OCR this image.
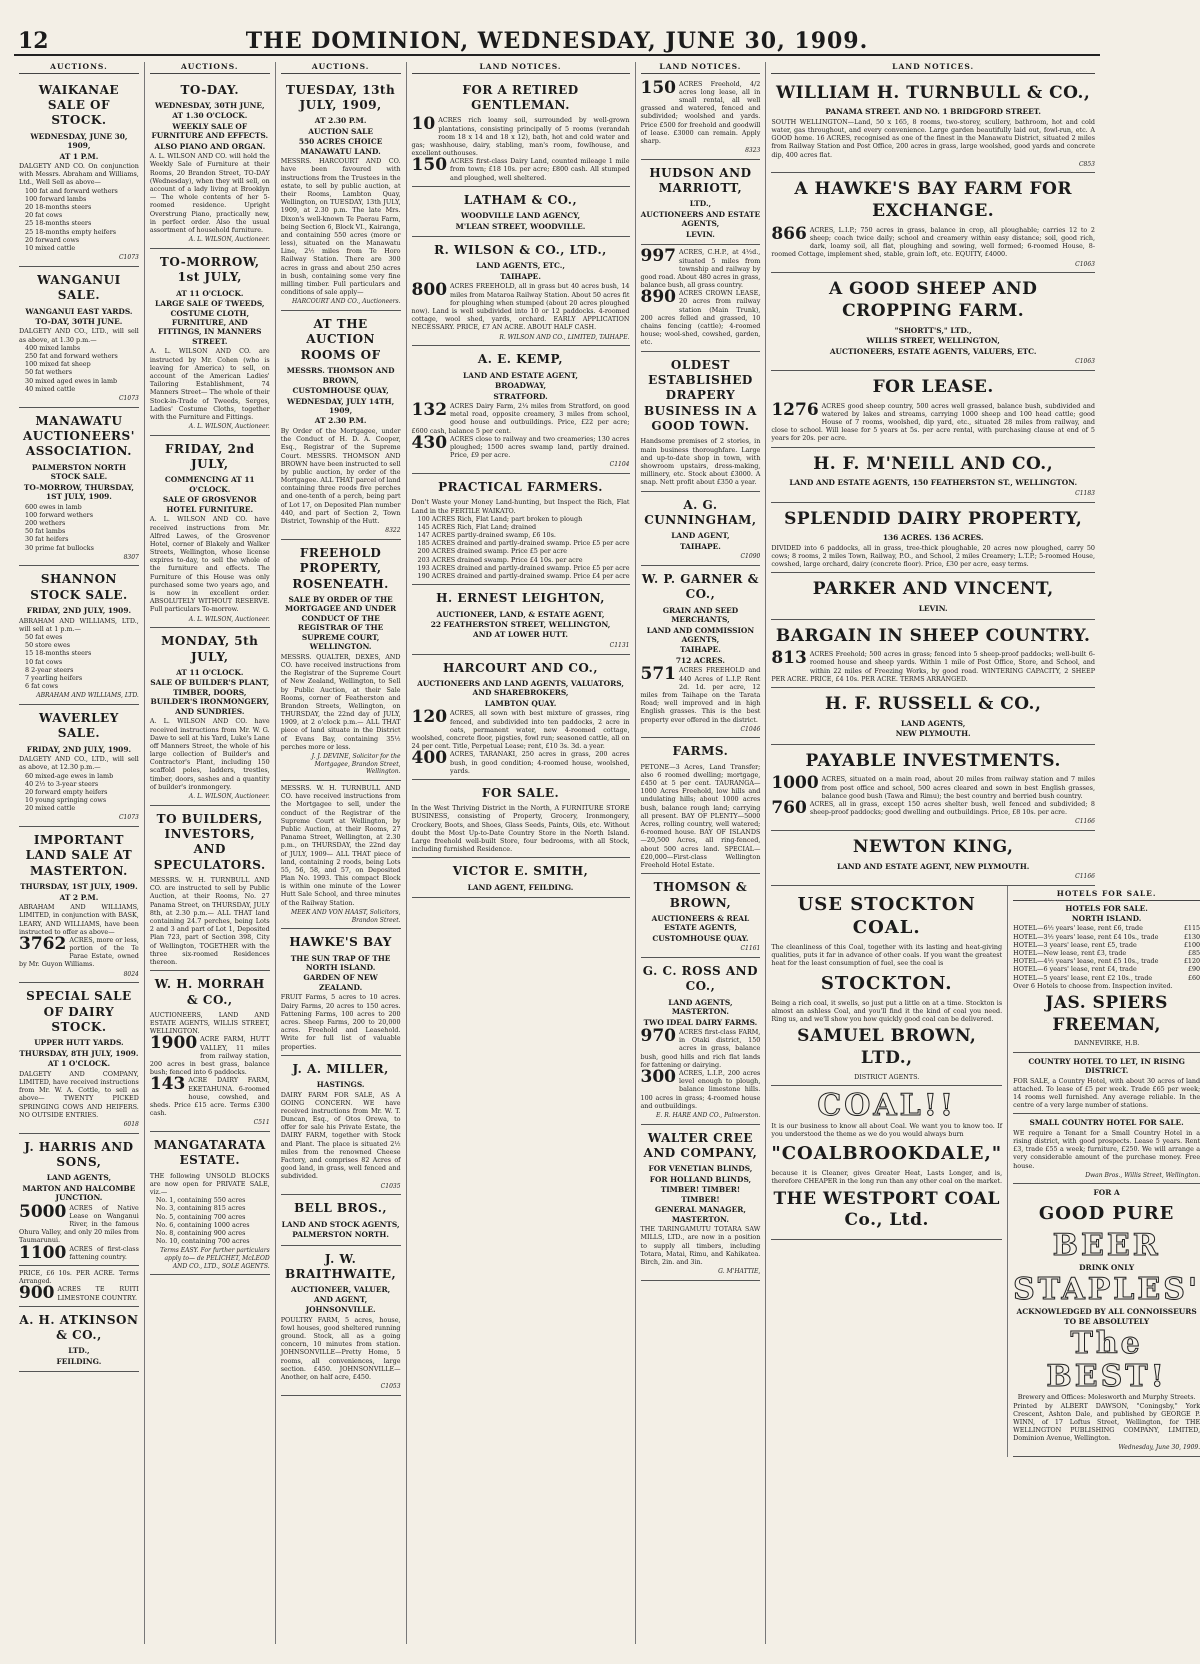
12	THE DOMINION, WEDNESDAY, JUNE 30, 1909.
AUCTIONS.
WAIKANAE SALE OF STOCK.
WEDNESDAY, JUNE 30, 1909,
AT 1 P.M.
DALGETY AND CO. On conjunction with Messrs. Abraham and Williams, Ltd., Well Sell as above—
100 fat and forward wethers
100 forward lambs
20 18-months steers
20 fat cows
25 18-months steers
25 18-months empty heifers
20 forward cows
10 mixed cattle
C1073
WANGANUI SALE.
WANGANUI EAST YARDS.
TO-DAY, 30TH JUNE.
DALGETY AND CO., LTD., will sell as above, at 1.30 p.m.—
400 mixed lambs
250 fat and forward wethers
100 mixed fat sheep
50 fat wethers
30 mixed aged ewes in lamb
40 mixed cattle
C1073
MANAWATU AUCTIONEERS' ASSOCIATION.
PALMERSTON NORTH STOCK SALE.
TO-MORROW, THURSDAY, 1ST JULY, 1909.
600 ewes in lamb
100 forward wethers
200 wethers
50 fat lambs
30 fat heifers
30 prime fat bullocks
8307
SHANNON STOCK SALE.
FRIDAY, 2ND JULY, 1909.
ABRAHAM AND WILLIAMS, LTD., will sell at 1 p.m.—
50 fat ewes
50 store ewes
15 18-months steers
10 fat cows
8 2-year steers
7 yearling heifers
6 fat cows
ABRAHAM AND WILLIAMS, LTD.
WAVERLEY SALE.
FRIDAY, 2ND JULY, 1909.
DALGETY AND CO., LTD., will sell as above, at 12.30 p.m.—
60 mixed-age ewes in lamb
40 2½ to 3-year steers
20 forward empty heifers
10 young springing cows
20 mixed cattle
C1073
IMPORTANT LAND SALE AT MASTERTON.
THURSDAY, 1ST JULY, 1909.
AT 2 P.M.
ABRAHAM AND WILLIAMS, LIMITED, in conjunction with BASK, LEARY, AND WILLIAMS, have been instructed to offer as above—
3762 ACRES, more or less, portion of the Te Parae Estate, owned by Mr. Guyon Williams.
8024
SPECIAL SALE OF DAIRY STOCK.
UPPER HUTT YARDS.
THURSDAY, 8TH JULY, 1909.
AT 1 O'CLOCK.
DALGETY AND COMPANY, LIMITED, have received instructions from Mr. W. A. Cottle, to sell as above— TWENTY PICKED SPRINGING COWS AND HEIFERS. NO OUTSIDE ENTRIES.
6018
J. HARRIS AND SONS,
LAND AGENTS,
MARTON AND HALCOMBE JUNCTION.
5000 ACRES of Native Lease on Wanganui River, in the famous Ohura Valley, and only 20 miles from Taumarunui.
1100 ACRES of first-class fattening country.
PRICE, £6 10s. PER ACRE. Terms Arranged.
900 ACRES TE RUITI LIMESTONE COUNTRY.
A. H. ATKINSON & CO.,
LTD.,
FEILDING.
AUCTIONS.
TO-DAY.
WEDNESDAY, 30TH JUNE,
AT 1.30 O'CLOCK.
WEEKLY SALE OF FURNITURE AND EFFECTS.
ALSO PIANO AND ORGAN.
A. L. WILSON AND CO. will hold the Weekly Sale of Furniture at their Rooms, 20 Brandon Street, TO-DAY (Wednesday), when they will sell, on account of a lady living at Brooklyn— The whole contents of her 5-roomed residence. Upright Overstrung Piano, practically new, in perfect order. Also the usual assortment of household furniture.
A. L. WILSON, Auctioneer.
TO-MORROW, 1st JULY,
AT 11 O'CLOCK.
LARGE SALE OF TWEEDS, COSTUME CLOTH, FURNITURE, AND FITTINGS, IN MANNERS STREET.
A. L. WILSON AND CO. are instructed by Mr. Cohen (who is leaving for America) to sell, on account of the American Ladies' Tailoring Establishment, 74 Manners Street— The whole of their Stock-in-Trade of Tweeds, Serges, Ladies' Costume Cloths, together with the Furniture and Fittings.
A. L. WILSON, Auctioneer.
FRIDAY, 2nd JULY,
COMMENCING AT 11 O'CLOCK.
SALE OF GROSVENOR HOTEL FURNITURE.
A. L. WILSON AND CO. have received instructions from Mr. Alfred Lawes, of the Grosvenor Hotel, corner of Blakely and Walker Streets, Wellington, whose license expires to-day, to sell the whole of the furniture and effects. The Furniture of this House was only purchased some two years ago, and is now in excellent order. ABSOLUTELY WITHOUT RESERVE. Full particulars To-morrow.
A. L. WILSON, Auctioneer.
MONDAY, 5th JULY,
AT 11 O'CLOCK.
SALE OF BUILDER'S PLANT, TIMBER, DOORS, BUILDER'S IRONMONGERY, AND SUNDRIES.
A. L. WILSON AND CO. have received instructions from Mr. W. G. Dawe to sell at his Yard, Luke's Lane off Manners Street, the whole of his large collection of Builder's and Contractor's Plant, including 150 scaffold poles, ladders, trestles, timber, doors, sashes and a quantity of builder's ironmongery.
A. L. WILSON, Auctioneer.
TO BUILDERS, INVESTORS, AND SPECULATORS.
MESSRS. W. H. TURNBULL AND CO. are instructed to sell by Public Auction, at their Rooms, No. 27 Panama Street, on THURSDAY, JULY 8th, at 2.30 p.m.— ALL THAT land containing 24.7 perches, being Lots 2 and 3 and part of Lot 1, Deposited Plan 723, part of Section 398, City of Wellington, TOGETHER with the three six-roomed Residences thereon.
W. H. MORRAH & CO.,
AUCTIONEERS, LAND AND ESTATE AGENTS, WILLIS STREET, WELLINGTON.
1900 ACRE FARM, HUTT VALLEY, 11 miles from railway station, 200 acres in best grass, balance bush; fenced into 6 paddocks.
143 ACRE DAIRY FARM, EKETAHUNA. 6-roomed house, cowshed, and sheds. Price £15 acre. Terms £300 cash.
C511
MANGATARATA ESTATE.
THE following UNSOLD BLOCKS are now open for PRIVATE SALE, viz.—
No. 1, containing 550 acres
No. 3, containing 815 acres
No. 5, containing 700 acres
No. 6, containing 1000 acres
No. 8, containing 900 acres
No. 10, containing 700 acres
Terms EASY. For further particulars apply to— de PELICHET, McLEOD AND CO., LTD., SOLE AGENTS.
AUCTIONS.
TUESDAY, 13th JULY, 1909,
AT 2.30 P.M.
AUCTION SALE
550 ACRES CHOICE MANAWATU LAND.
MESSRS. HARCOURT AND CO. have been favoured with instructions from the Trustees in the estate, to sell by public auction, at their Rooms, Lambton Quay, Wellington, on TUESDAY, 13th JULY, 1909, at 2.30 p.m. The late Mrs. Dixon's well-known Te Paerau Farm, being Section 6, Block VI., Kairanga, and containing 550 acres (more or less), situated on the Manawatu Line, 2½ miles from Te Horo Railway Station. There are 300 acres in grass and about 250 acres in bush, containing some very fine milling timber. Full particulars and conditions of sale apply—
HARCOURT AND CO., Auctioneers.
AT THE AUCTION ROOMS OF
MESSRS. THOMSON AND BROWN,
CUSTOMHOUSE QUAY,
WEDNESDAY, JULY 14TH, 1909,
AT 2.30 P.M.
By Order of the Mortgagee, under the Conduct of H. D. A. Cooper, Esq., Registrar of the Supreme Court. MESSRS. THOMSON AND BROWN have been instructed to sell by public auction, by order of the Mortgagee. ALL THAT parcel of land containing three roods five perches and one-tenth of a perch, being part of Lot 17, on Deposited Plan number 440, and part of Section 2, Town District, Township of the Hutt.
8322
FREEHOLD PROPERTY, ROSENEATH.
SALE BY ORDER OF THE MORTGAGEE AND UNDER CONDUCT OF THE REGISTRAR OF THE SUPREME COURT, WELLINGTON.
MESSRS. QUALTER, DEXES, AND CO. have received instructions from the Registrar of the Supreme Court of New Zealand, Wellington, to Sell by Public Auction, at their Sale Rooms, corner of Featherston and Brandon Streets, Wellington, on THURSDAY, the 22nd day of JULY, 1909, at 2 o'clock p.m.— ALL THAT piece of land situate in the District of Evans Bay, containing 35½ perches more or less.
J. J. DEVINE, Solicitor for the Mortgagee, Brandon Street, Wellington.
MESSRS. W. H. TURNBULL AND CO. have received instructions from the Mortgagee to sell, under the conduct of the Registrar of the Supreme Court at Wellington, by Public Auction, at their Rooms, 27 Panama Street, Wellington, at 2.30 p.m., on THURSDAY, the 22nd day of JULY, 1909— ALL THAT piece of land, containing 2 roods, being Lots 55, 56, 58, and 57, on Deposited Plan No. 1993. This compact Block is within one minute of the Lower Hutt Sale School, and three minutes of the Railway Station.
MEEK AND VON HAAST, Solicitors, Brandon Street.
HAWKE'S BAY
THE SUN TRAP OF THE NORTH ISLAND.
GARDEN OF NEW ZEALAND.
FRUIT Farms, 5 acres to 10 acres. Dairy Farms, 20 acres to 150 acres. Fattening Farms, 100 acres to 200 acres. Sheep Farms, 200 to 20,000 acres. Freehold and Leasehold. Write for full list of valuable properties.
J. A. MILLER,
HASTINGS.
DAIRY FARM FOR SALE, AS A GOING CONCERN. WE have received instructions from Mr. W. T. Duncan, Esq., of Otos Orewa, to offer for sale his Private Estate, the DAIRY FARM, together with Stock and Plant. The place is situated 2½ miles from the renowned Cheese Factory, and comprises 82 Acres of good land, in grass, well fenced and subdivided.
C1035
BELL BROS.,
LAND AND STOCK AGENTS,
PALMERSTON NORTH.
J. W. BRAITHWAITE,
AUCTIONEER, VALUER, AND AGENT,
JOHNSONVILLE.
POULTRY FARM, 5 acres, house, fowl houses, good sheltered running ground. Stock, all as a going concern, 10 minutes from station. JOHNSONVILLE—Pretty Home, 5 rooms, all conveniences, large section. £450. JOHNSONVILLE—Another, on half acre, £450.
C1053
LAND NOTICES.
FOR A RETIRED GENTLEMAN.
10 ACRES rich loamy soil, surrounded by well-grown plantations, consisting principally of 5 rooms (verandah room 18 x 14 and 18 x 12), bath, hot and cold water and gas; washhouse, dairy, stabling, man's room, fowlhouse, and excellent outhouses.
150 ACRES first-class Dairy Land, counted mileage 1 mile from town; £18 10s. per acre; £800 cash. All stumped and ploughed, well sheltered.
LATHAM & CO.,
WOODVILLE LAND AGENCY,
M'LEAN STREET, WOODVILLE.
R. WILSON & CO., LTD.,
LAND AGENTS, ETC.,
TAIHAPE.
800 ACRES FREEHOLD, all in grass but 40 acres bush, 14 miles from Mataroa Railway Station. About 50 acres fit for ploughing when stumped (about 20 acres ploughed now). Land is well subdivided into 10 or 12 paddocks. 4-roomed cottage, wool shed, yards, orchard. EARLY APPLICATION NECESSARY. PRICE, £7 AN ACRE. ABOUT HALF CASH.
R. WILSON AND CO., LIMITED, TAIHAPE.
A. E. KEMP,
LAND AND ESTATE AGENT,
BROADWAY,
STRATFORD.
132 ACRES Dairy Farm, 2¼ miles from Stratford, on good metal road, opposite creamery, 3 miles from school, good house and outbuildings. Price, £22 per acre; £600 cash, balance 5 per cent.
430 ACRES close to railway and two creameries; 130 acres ploughed; 1500 acres swamp land, partly drained. Price, £9 per acre.
C1104
PRACTICAL FARMERS.
Don't Waste your Money Land-hunting, but Inspect the Rich, Flat Land in the FERTILE WAIKATO.
100 ACRES Rich, Flat Land; part broken to plough
145 ACRES Rich, Flat Land; drained
147 ACRES partly-drained swamp, £6 10s.
185 ACRES drained and partly-drained swamp. Price £5 per acre
200 ACRES drained swamp. Price £5 per acre
203 ACRES drained swamp. Price £4 10s. per acre
193 ACRES drained and partly-drained swamp. Price £5 per acre
190 ACRES drained and partly-drained swamp. Price £4 per acre
H. ERNEST LEIGHTON,
AUCTIONEER, LAND, & ESTATE AGENT,
22 FEATHERSTON STREET, WELLINGTON,
AND AT LOWER HUTT.
C1131
HARCOURT AND CO.,
AUCTIONEERS AND LAND AGENTS, VALUATORS, AND SHAREBROKERS,
LAMBTON QUAY.
120 ACRES, all sown with best mixture of grasses, ring fenced, and subdivided into ten paddocks, 2 acre in oats, permanent water, new 4-roomed cottage, woolshed, concrete floor, pigsties, fowl run; seasoned cattle, all on 24 per cent. Title, Perpetual Lease; rent, £10 3s. 3d. a year.
400 ACRES, TARANAKI, 250 acres in grass, 200 acres bush, in good condition; 4-roomed house, woolshed, yards.
FOR SALE.
In the West Thriving District in the North, A FURNITURE STORE BUSINESS, consisting of Property, Grocery, Ironmongery, Crockery, Boots, and Shoes, Glass Seeds, Paints, Oils, etc. Without doubt the Most Up-to-Date Country Store in the North Island. Large freehold well-built Store, four bedrooms, with all Stock, including furnished Residence.
VICTOR E. SMITH,
LAND AGENT, FEILDING.
LAND NOTICES.
150 ACRES Freehold, 4/2 acres long lease, all in small rental, all well grassed and watered, fenced and subdivided; woolshed and yards. Price £500 for freehold and goodwill of lease. £3000 can remain. Apply sharp.
8323
HUDSON AND MARRIOTT,
LTD.,
AUCTIONEERS AND ESTATE AGENTS,
LEVIN.
997 ACRES, C.H.P., at 4½d., situated 5 miles from township and railway by good road. About 480 acres in grass, balance bush, all grass country.
890 ACRES CROWN LEASE, 20 acres from railway station (Main Trunk), 200 acres felled and grassed, 10 chains fencing (cattle); 4-roomed house; wool-shed, cowshed, garden, etc.
OLDEST ESTABLISHED DRAPERY BUSINESS IN A GOOD TOWN.
Handsome premises of 2 stories, in main business thoroughfare. Large and up-to-date shop in town, with showroom upstairs, dress-making, millinery, etc. Stock about £3000. A snap. Nett profit about £350 a year.
A. G. CUNNINGHAM,
LAND AGENT,
TAIHAPE.
C1090
W. P. GARNER & CO.,
GRAIN AND SEED MERCHANTS,
LAND AND COMMISSION AGENTS,
TAIHAPE.
712 ACRES.
571 ACRES FREEHOLD and 440 Acres of L.I.P. Rent 2d. 1d. per acre, 12 miles from Taihape on the Tarata Road; well improved and in high English grasses. This is the best property ever offered in the district.
C1046
FARMS.
PETONE—3 Acres, Land Transfer; also 6 roomed dwelling; mortgage, £450 at 5 per cent. TAURANGA—1000 Acres Freehold, low hills and undulating hills; about 1000 acres bush, balance rough land; carrying all present. BAY OF PLENTY—5000 Acres, rolling country, well watered; 6-roomed house. BAY OF ISLANDS—20,500 Acres, all ring-fenced, about 500 acres land. SPECIAL—£20,000—First-class Wellington Freehold Hotel Estate.
THOMSON & BROWN,
AUCTIONEERS & REAL ESTATE AGENTS,
CUSTOMHOUSE QUAY.
C1161
G. C. ROSS AND CO.,
LAND AGENTS, MASTERTON.
TWO IDEAL DAIRY FARMS.
970 ACRES first-class FARM, in Otaki district, 150 acres in grass, balance bush, good hills and rich flat lands for fattening or dairying.
300 ACRES, L.I.P., 200 acres level enough to plough, balance limestone hills. 100 acres in grass; 4-roomed house and outbuildings.
E. R. HARE AND CO., Palmerston.
WALTER CREE AND COMPANY,
FOR VENETIAN BLINDS,
FOR HOLLAND BLINDS,
TIMBER! TIMBER! TIMBER!
GENERAL MANAGER, MASTERTON.
THE TARINGAMUTU TOTARA SAW MILLS, LTD., are now in a position to supply all timbers, including Totara, Matai, Rimu, and Kahikatea. Birch, 2in. and 3in.
G. M'HATTIE,
LAND NOTICES.
WILLIAM H. TURNBULL & CO.,
PANAMA STREET. AND NO. 1 BRIDGFORD STREET.
SOUTH WELLINGTON—Land, 50 x 165, 8 rooms, two-storey, scullery, bathroom, hot and cold water, gas throughout, and every convenience. Large garden beautifully laid out, fowl-run, etc. A GOOD home. 16 ACRES, recognised as one of the finest in the Manawatu District, situated 2 miles from Railway Station and Post Office, 200 acres in grass, large woolshed, good yards and concrete dip, 400 acres flat.
C853
A HAWKE'S BAY FARM FOR EXCHANGE.
866 ACRES, L.I.P.; 750 acres in grass, balance in crop, all ploughable; carries 12 to 2 sheep; coach twice daily; school and creamery within easy distance; soil, good rich, dark, loamy soil, all flat, ploughing and sowing, well formed; 6-roomed House, 8-roomed Cottage, implement shed, stable, grain loft, etc. EQUITY, £4000.
C1063
A GOOD SHEEP AND CROPPING FARM.
"SHORTT'S," LTD.,
WILLIS STREET, WELLINGTON,
AUCTIONEERS, ESTATE AGENTS, VALUERS, ETC.
C1063
FOR LEASE.
1276 ACRES good sheep country, 500 acres well grassed, balance bush, subdivided and watered by lakes and streams, carrying 1000 sheep and 100 head cattle; good House of 7 rooms, woolshed, dip yard, etc., situated 28 miles from railway, and close to school. Will lease for 5 years at 5s. per acre rental, with purchasing clause at end of 5 years for 20s. per acre.
H. F. M'NEILL AND CO.,
LAND AND ESTATE AGENTS, 150 FEATHERSTON ST., WELLINGTON.
C1183
SPLENDID DAIRY PROPERTY,
136 ACRES. 136 ACRES.
DIVIDED into 6 paddocks, all in grass, tree-thick ploughable, 20 acres now ploughed, carry 50 cows; 8 rooms, 2 miles Town, Railway, P.O., and School, 2 miles Creamery; L.T.P.; 5-roomed House, cowshed, large orchard, dairy (concrete floor). Price, £30 per acre, easy terms.
PARKER AND VINCENT,
LEVIN.
BARGAIN IN SHEEP COUNTRY.
813 ACRES Freehold; 500 acres in grass; fenced into 5 sheep-proof paddocks; well-built 6-roomed house and sheep yards. Within 1 mile of Post Office, Store, and School, and within 22 miles of Freezing Works, by good road. WINTERING CAPACITY, 2 SHEEP PER ACRE. PRICE, £4 10s. PER ACRE. TERMS ARRANGED.
H. F. RUSSELL & CO.,
LAND AGENTS,
NEW PLYMOUTH.
PAYABLE INVESTMENTS.
1000 ACRES, situated on a main road, about 20 miles from railway station and 7 miles from post office and school, 500 acres cleared and sown in best English grasses, balance good bush (Tawa and Rimu); the best country and berried bush country.
760 ACRES, all in grass, except 150 acres shelter bush, well fenced and subdivided; 8 sheep-proof paddocks; good dwelling and outbuildings. Price, £8 10s. per acre.
C1166
NEWTON KING,
LAND AND ESTATE AGENT, NEW PLYMOUTH.
C1166
USE STOCKTON COAL.
The cleanliness of this Coal, together with its lasting and heat-giving qualities, puts it far in advance of other coals. If you want the greatest heat for the least consumption of fuel, see the coal is
STOCKTON.
Being a rich coal, it swells, so just put a little on at a time. Stockton is almost an ashless Coal, and you'll find it the kind of coal you need. Ring us, and we'll show you how quickly good coal can be delivered.
SAMUEL BROWN, LTD.,
DISTRICT AGENTS.
COAL!!
It is our business to know all about Coal. We want you to know too. If you understood the theme as we do you would always burn
"COALBROOKDALE,"
because it is Cleaner, gives Greater Heat, Lasts Longer, and is, therefore CHEAPER in the long run than any other coal on the market.
THE WESTPORT COAL Co., Ltd.
HOTELS FOR SALE.
HOTELS FOR SALE.
NORTH ISLAND.
HOTEL—6½ years' lease, rent £6, trade	£115
HOTEL—3½ years' lease, rent £4 10s., trade	£130
HOTEL—3 years' lease, rent £5, trade	£100
HOTEL—New lease, rent £3, trade	£85
HOTEL—4½ years' lease, rent £5 10s., trade	£120
HOTEL—6 years' lease, rent £4, trade	£90
HOTEL—5 years' lease, rent £2 10s., trade	£60
Over 6 Hotels to choose from. Inspection invited.
JAS. SPIERS FREEMAN,
DANNEVIRKE, H.B.
COUNTRY HOTEL TO LET, IN RISING DISTRICT.
FOR SALE, a Country Hotel, with about 30 acres of land attached. To lease of £5 per week. Trade £65 per week; 14 rooms well furnished. Any average reliable. In the centre of a very large number of stations.
SMALL COUNTRY HOTEL FOR SALE.
WE require a Tenant for a Small Country Hotel in a rising district, with good prospects. Lease 5 years. Rent £3, trade £55 a week; furniture, £250. We will arrange a very considerable amount of the purchase money. Free house.
Dwan Bros., Willis Street, Wellington.
FOR A
GOOD PURE
BEER
DRINK ONLY
STAPLES'
ACKNOWLEDGED BY ALL CONNOISSEURS TO BE ABSOLUTELY
The BEST!
Brewery and Offices: Molesworth and Murphy Streets.
Printed by ALBERT DAWSON, "Coningsby," York Crescent, Ashton Dale, and published by GEORGE P. WINN, of 17 Loftus Street, Wellington, for THE WELLINGTON PUBLISHING COMPANY, LIMITED, Dominion Avenue, Wellington.
Wednesday, June 30, 1909.
